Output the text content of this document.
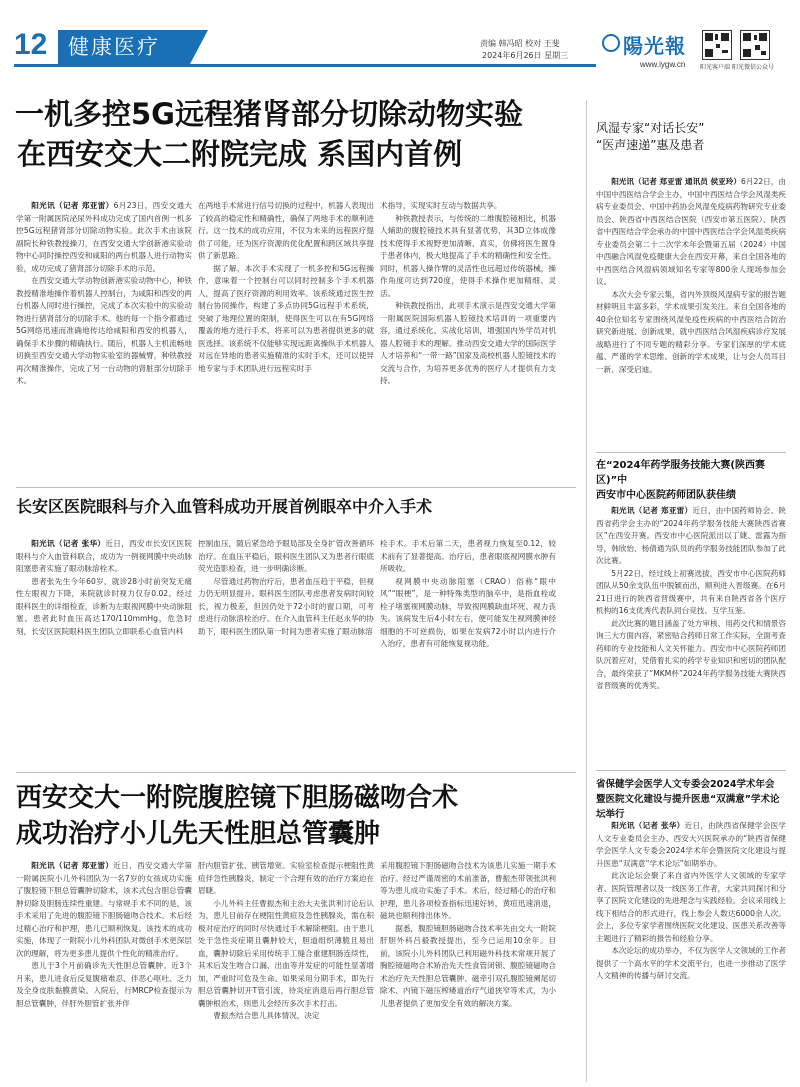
12 健康医疗	责编 韩冯昭 校对 王斐
2024年6月26日 星期三	陽光報
www.iygw.cn 阳光客户端 阳光微信公众号
一机多控5G远程猪肾部分切除动物实验
在西安交大二附院完成 系国内首例

阳光讯（记者 郑亚雷）6月23日，西安交通大学第一附属医院泌尿外科成功完成了国内首例一机多控5G远程猪肾部分切除动物实验。此次手术由该院副院长种铁教授操刀，在西安交通大学创新港实验动物中心同时操控西安和咸阳的两台机器人进行动物实验，成功完成了猪肾部分切除手术的示范。

在西安交通大学动物创新港实验动物中心，种铁教授精准地操作着机器人控制台，为咸阳和西安的两台机器人同时进行操控，完成了本次实验中的实验动物进行猪肾部分的切除手术。他的每一个指令都通过5G网络迅速而准确地传达给咸阳和西安的机器人，确保手术步骤的精确执行。随后，机器人主机流畅地切换至西安交通大学动物实验室的器械臂，种铁教授再次精准操作，完成了另一台动物的肾脏部分切除手术。

在两地手术常进行信号切换的过程中，机器人表现出了较高的稳定性和精确性，确保了两地手术的顺利进行。这一技术的成功应用，不仅为未来的远程医疗提供了可能，还为医疗资源的优化配置和跨区域共享提供了新思路。

据了解，本次手术实现了一机多控和5G远程操作，意味着一个控制台可以同时控制多个手术机器人，提高了医疗资源的利用效率。该系统通过医生控制台协同操作，构建了多点协同5G远程手术系统，突破了地理位置的限制，使得医生可以在有5G网络覆盖的地方进行手术，将来可以为患者提供更多的就医选择。该系统不仅能够实现远距离操纵手术机器人对远在异地的患者实施精准的实时手术，还可以使异地专家与手术团队进行远程实时手

术指导，实现实时互动与数据共享。

种铁教授表示，与传统的二维腹腔镜相比，机器人辅助的腹腔镜技术具有显著优势，其3D立体成像技术使得手术视野更加清晰、真实，仿佛将医生置身于患者体内，极大地提高了手术的精确性和安全性。同时，机器人操作臂的灵活性也远超过传统器械，操作角度可达到720度，使得手术操作更加精细、灵活。

种铁教授指出，此项手术演示是西安交通大学第一附属医院国际机器人腔镜技术培训的一项重要内容，通过系统化、实战化培训，增强国内外学员对机器人腔镜手术的理解。推动西安交通大学的国际医学人才培养和“一带一路”国家及高校机器人腔镜技术的交流与合作，为培养更多优秀的医疗人才提供有力支持。

长安区医院眼科与介入血管科成功开展首例眼卒中介入手术

阳光讯（记者 张华）近日，西安市长安区医院眼科与介入血管科联合，成功为一例视网膜中央动脉阻塞患者实施了眼动脉溶栓术。

患者张先生今年60岁，就诊28小时前突发无痛性左眼视力下降，来院就诊时视力仅存0.02。经过眼科医生的详细检查，诊断为左眼视网膜中央动脉阻塞。患者此时血压高达170/110mmHg，危急时刻，长安区医院眼科医生团队立即联系心血管内科

控制血压，随后紧急给予眼局部及全身扩管改善循环治疗。在血压平稳后，眼科医生团队又为患者行眼底荧光造影检查，进一步明确诊断。

尽管通过药物治疗后，患者血压趋于平稳，但视力仍无明显提升。眼科医生团队考虑患者发病时间较长，视力极差，但因仍处于72小时的窗口期，可考虑进行动脉溶栓治疗。在介入血管科主任赵永华的协助下，眼科医生团队第一时间为患者实施了眼动脉溶

栓手术。手术后第二天，患者视力恢复至0.12，较术前有了显著提高。治疗后，患者眼底视网膜水肿有所吸收。

视网膜中央动脉阻塞（CRAO）俗称“眼中风”“眼梗”，是一种特殊类型的脑卒中，是指血栓或栓子堵塞视网膜动脉，导致视网膜缺血坏死、视力丧失。该病发生后4小时左右，便可能发生视网膜神经细胞的不可逆损伤，如果在发病72小时以内进行介入治疗，患者有可能恢复视功能。

西安交大一附院腹腔镜下胆肠磁吻合术
成功治疗小儿先天性胆总管囊肿

阳光讯（记者 郑亚雷）近日，西安交通大学第一附属医院小儿外科团队为一名7岁的女孩成功实施了腹腔镜下胆总管囊肿切除术，该术式包含胆总管囊肿切除及胆肠连续性重建。与常规手术不同的是，该手术采用了先进的腹腔镜下胆肠磁吻合技术。术后经过精心治疗和护理，患儿已顺利恢复。该技术的成功实施，体现了一附院小儿外科团队对微创手术更深层次的理解，将为更多患儿提供个性化的精准治疗。

患儿于3个月前确诊先天性胆总管囊肿。近3个月来，患儿进食后反复腹痛难忍、伴恶心呕吐、乏力及全身皮肤黏膜黄染。入院后，行MRCP检查提示为胆总管囊肿，伴肝外胆管扩张并伴

肝内胆管扩张、胰管增宽。实验室检查提示梗阻性黄疸伴急性胰腺炎，制定一个合理有效的治疗方案迫在眉睫。

小儿外科主任曹振杰和主治大夫张洪利讨论后认为，患儿目前存在梗阻性黄疸及急性胰腺炎，需在积极对症治疗的同时尽快通过手术解除梗阻。由于患儿处于急性炎症期且囊肿较大，胆道组织薄脆且易出血，囊肿切除后采用传统手工缝合重建胆肠连续性，其术后发生吻合口漏、出血等并发症的可能性显著增加，严重时可危及生命。如果采用分期手术，即先行胆总管囊肿切开T管引流，待炎症消退后再行胆总管囊肿根治术，则患儿会经历多次手术打击。

曹振杰结合患儿具体情况，决定

采用腹腔镜下胆肠磁吻合技术为该患儿实施一期手术治疗。经过严谨周密的术前准备，曹振杰带领张洪利等为患儿成功实施了手术。术后，经过精心的治疗和护理，患儿各项检查指标迅速好转，黄疸迅速消退，磁块也顺利排出体外。

据悉，腹腔镜胆肠磁吻合技术率先由交大一附院肝胆外科吕毅教授提出，至今已运用10余年。目前，该院小儿外科团队已利用磁外科技术常规开展了胸腔镜磁吻合术矫治先天性食管闭锁、腹腔镜磁吻合术治疗先天性胆总管囊肿、磁牵引双孔腹腔镜阑尾切除术、内镜下磁压榨痿道治疗气道狭窄等术式，为小儿患者提供了更加安全有效的解决方案。

风湿专家“对话长安”
“医声速递”惠及患者

阳光讯（记者 郑亚雷 通讯员 侯亚玲）6月22日，由中国中西医结合学会主办，中国中西医结合学会风湿类疾病专业委员会、中国中药协会风湿免疫病药物研究专业委员会、陕西省中西医结合医院（西安市第五医院）、陕西省中西医结合学会承办的中国中西医结合学会风湿类疾病专业委员会第二十二次学术年会暨第五届（2024）中国中西融合风湿免疫健康大会在西安开幕，来自全国各地的中西医结合风湿病领域知名专家等800余人现场参加会议。

本次大会专家云集，省内外顶级风湿病专家的报告题材鲜明且丰富多彩，学术成果引发关注。来自全国各地的40余位知名专家围绕风湿免疫性疾病的中西医结合防治研究新进展、创新成果，就中西医结合风湿疾病诊疗发展战略进行了不同专题的精彩分享。专家们深厚的学术底蕴、严谨的学术思维、创新的学术成果，让与会人员耳目一新、深受启迪。

在“2024年药学服务技能大赛(陕西赛区)”中
西安市中心医院药师团队获佳绩

阳光讯（记者 郑亚雷）近日，由中国药师协会、陕西省药学会主办的“2024年药学服务技能大赛陕西省赛区”在西安开赛。西安市中心医院派出以丁婕、雷露为指导，韩欣怡、杨倩通为队员的药学服务技能团队参加了此次比赛。

5月22日，经过线上初赛选拔，西安市中心医院药师团队从50余支队伍中脱颖而出，顺利进入晋级赛。在6月21日进行的陕西省晋级赛中，共有来自陕西省各个医疗机构的16支优秀代表队同台竞技、互学互鉴。

此次比赛的题目涵盖了处方审核、用药交代和情景咨询三大方面内容，紧密贴合药师日常工作实际，全面考查药师的专业技能和人文关怀能力。西安市中心医院药师团队沉着应对，凭借着扎实的药学专业知识和密切的团队配合，最终荣获了“MKM杯”2024年药学服务技能大赛陕西省晋级赛的优秀奖。

省保健学会医学人文专委会2024学术年会
暨医院文化建设与提升医患“双满意”学术论坛举行

阳光讯（记者 张华）近日，由陕西省保健学会医学人文专业委员会主办、西安大兴医院承办的“陕西省保健学会医学人文专委会2024学术年会暨医院文化建设与提升医患“双满意”学术论坛”如期举办。

此次论坛会聚了来自省内外医学人文领域的专家学者、医院管理者以及一线医务工作者，大家共同探讨和分享了医院文化建设的先进理念与实践经验。会议采用线上线下相结合的形式进行，线上参会人数达6000余人次。会上，多位专家学者围绕医院文化建设、医患关系改善等主题进行了精彩的报告和经验分享。

本次论坛的成功举办，不仅为医学人文领域的工作者提供了一个高水平的学术交流平台，也进一步推动了医学人文精神的传播与研讨交流。
